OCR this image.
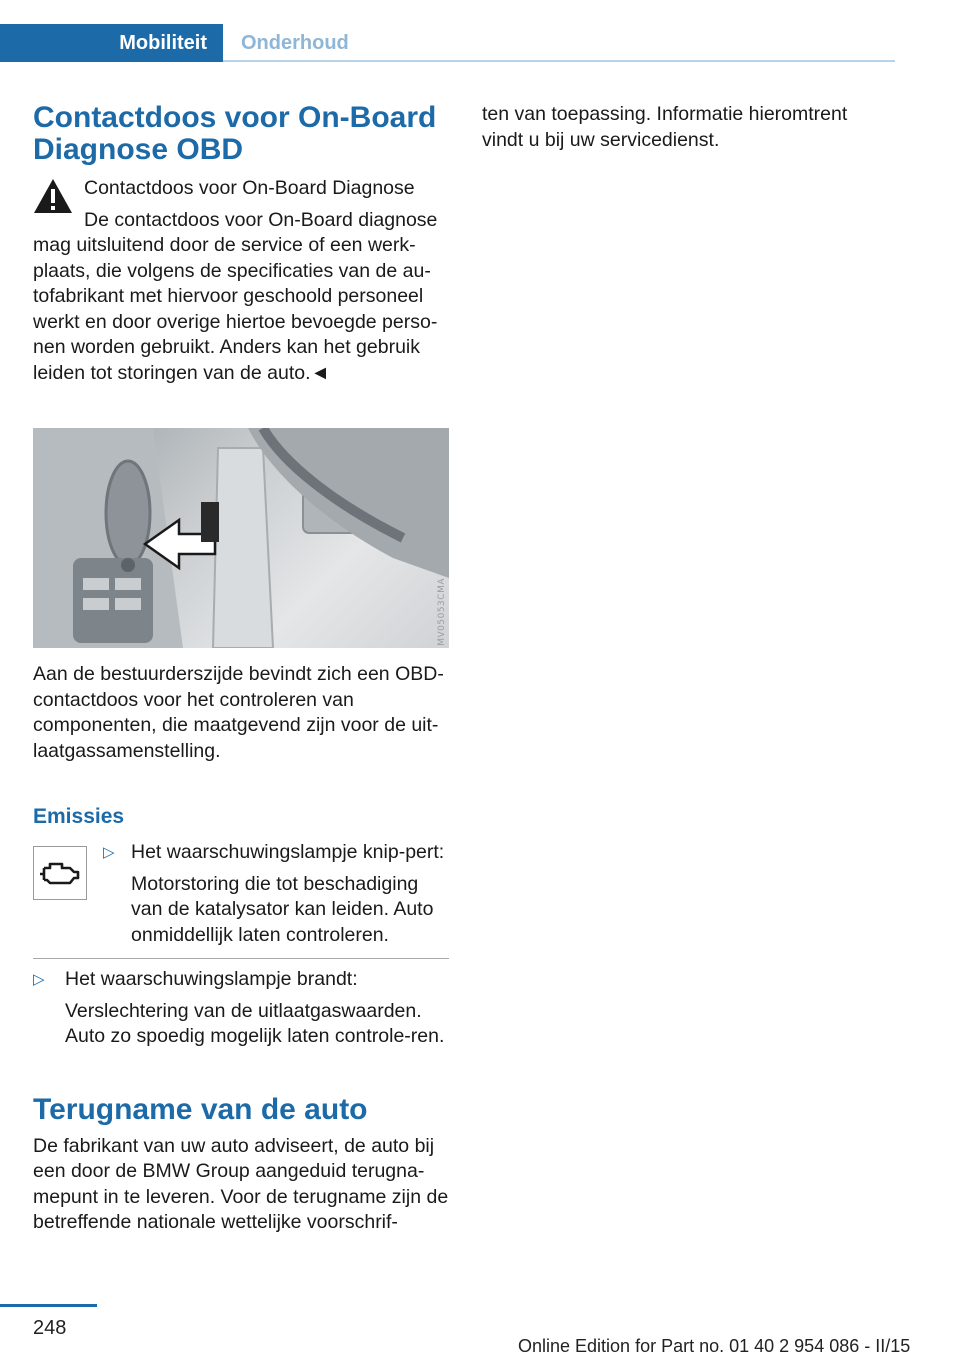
Mobiliteit	Onderhoud
Contactdoos voor On-Board Diagnose OBD

Contactdoos voor On-Board Diagnose

De contactdoos voor On-Board diagnose mag uitsluitend door de service of een werk-plaats, die volgens de specificaties van de au-tofabrikant met hiervoor geschoold personeel werkt en door overige hiertoe bevoegde perso-nen worden gebruikt. Anders kan het gebruik leiden tot storingen van de auto.◄

MV05053CMA

Aan de bestuurderszijde bevindt zich een OBD-contactdoos voor het controleren van componenten, die maatgevend zijn voor de uit-laatgassamenstelling.

Emissies
▷ Het waarschuwingslampje knip-pert:

Motorstoring die tot beschadiging van de katalysator kan leiden. Auto onmiddellijk laten controleren.

▷ Het waarschuwingslampje brandt:

Verslechtering van de uitlaatgaswaarden. Auto zo spoedig mogelijk laten controle-ren.

Terugname van de auto

De fabrikant van uw auto adviseert, de auto bij een door de BMW Group aangeduid terugna-mepunt in te leveren. Voor de terugname zijn de betreffende nationale wettelijke voorschrif-

ten van toepassing. Informatie hieromtrent vindt u bij uw servicedienst.

248
Online Edition for Part no. 01 40 2 954 086 - II/15
